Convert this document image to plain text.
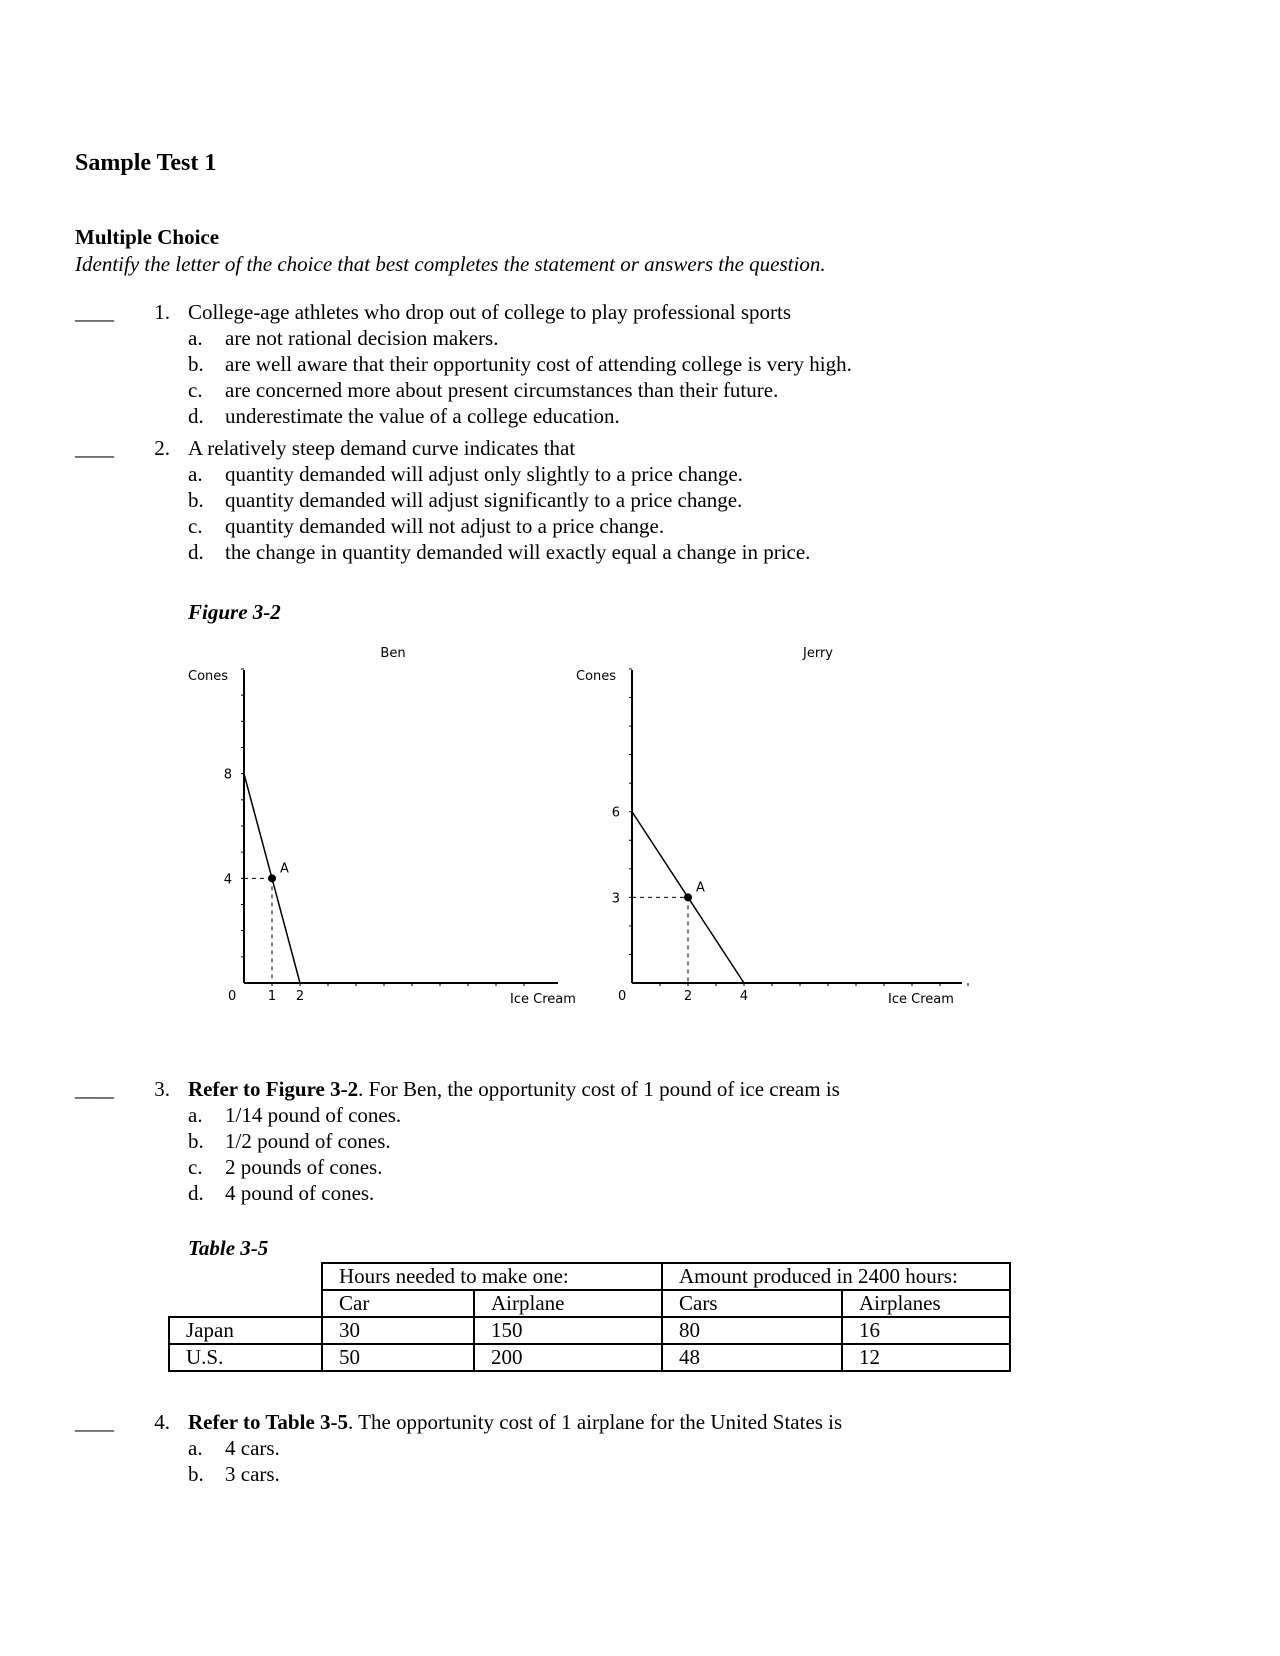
Sample Test 1
Multiple Choice
Identify the letter of the choice that best completes the statement or answers the question.
____	1. College-age athletes who drop out of college to play professional sports
a. are not rational decision makers.
b. are well aware that their opportunity cost of attending college is very high.
c. are concerned more about present circumstances than their future.
d. underestimate the value of a college education.
____	2. A relatively steep demand curve indicates that
a. quantity demanded will adjust only slightly to a price change.
b. quantity demanded will adjust significantly to a price change.
c. quantity demanded will not adjust to a price change.
d. the change in quantity demanded will exactly equal a change in price.
Figure 3-2
Ben
Cones
Ice Cream
0
4
8
1 2
A
Jerry
Cones
Ice Cream
0
3
6
2	4
A
____	3. Refer to Figure 3-2. For Ben, the opportunity cost of 1 pound of ice cream is
a. 1/14 pound of cones.
b. 1/2 pound of cones.
c. 2 pounds of cones.
d. 4 pound of cones.
Table 3-5
	Hours needed to make one:		Amount produced in 2400 hours:	
	Car	Airplane	Cars	Airplanes
Japan	30	150	80	16
U.S.	50	200	48	12
____	4. Refer to Table 3-5. The opportunity cost of 1 airplane for the United States is
a. 4 cars.
b. 3 cars.
